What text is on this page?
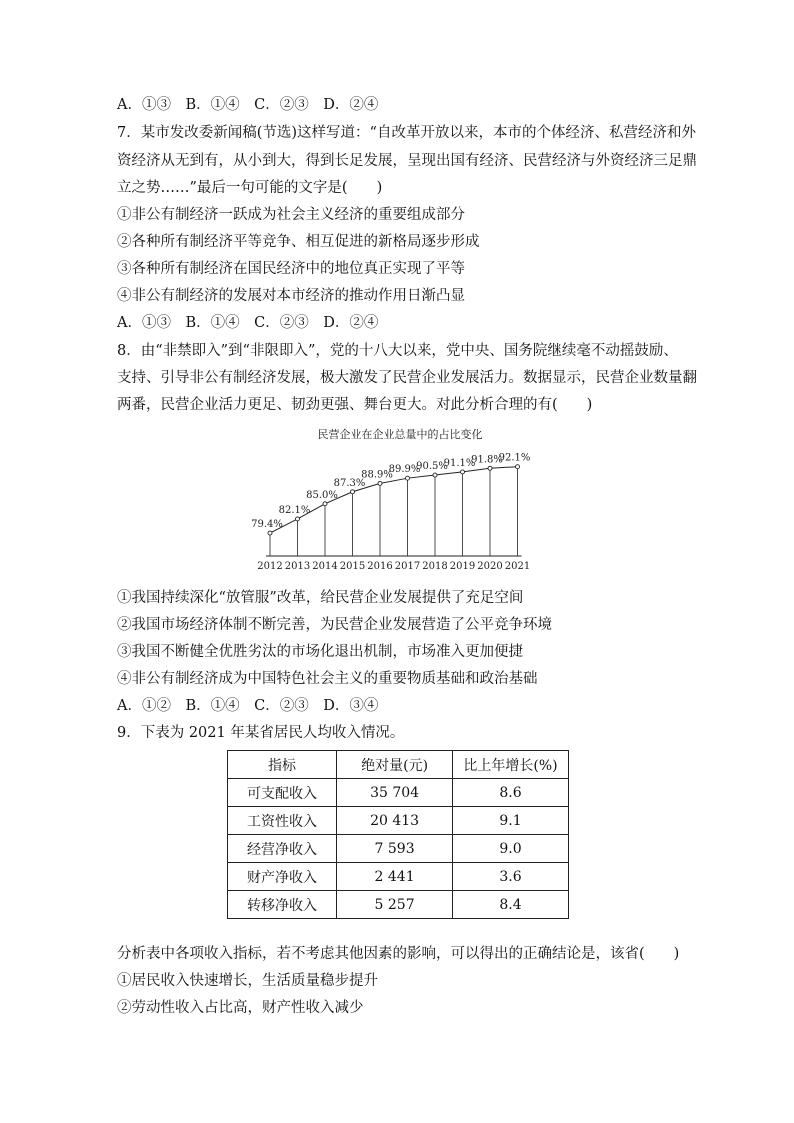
A．①③　B．①④　C．②③　D．②④
7．某市发改委新闻稿(节选)这样写道：“自改革开放以来，本市的个体经济、私营经济和外
资经济从无到有，从小到大，得到长足发展，呈现出国有经济、民营经济与外资经济三足鼎
立之势……”最后一句可能的文字是(　　)
①非公有制经济一跃成为社会主义经济的重要组成部分
②各种所有制经济平等竞争、相互促进的新格局逐步形成
③各种所有制经济在国民经济中的地位真正实现了平等
④非公有制经济的发展对本市经济的推动作用日渐凸显
A．①③　B．①④　C．②③　D．②④
8．由“非禁即入”到“非限即入”，党的十八大以来，党中央、国务院继续毫不动摇鼓励、
支持、引导非公有制经济发展，极大激发了民营企业发展活力。数据显示，民营企业数量翻
两番，民营企业活力更足、韧劲更强、舞台更大。对此分析合理的有(　　)
民营企业在企业总量中的占比变化
79.4%
2012
82.1%
2013
85.0%
2014
87.3%
2015
88.9%
2016
89.9%
2017
90.5%
2018
91.1%
2019
91.8%
2020
92.1%
2021
①我国持续深化“放管服”改革，给民营企业发展提供了充足空间
②我国市场经济体制不断完善，为民营企业发展营造了公平竞争环境
③我国不断健全优胜劣汰的市场化退出机制，市场准入更加便捷
④非公有制经济成为中国特色社会主义的重要物质基础和政治基础
A．①②　B．①④　C．②③　D．③④
9．下表为 2021 年某省居民人均收入情况。
指标	绝对量(元)	比上年增长(%)
可支配收入	35 704	8.6
工资性收入	20 413	9.1
经营净收入	7 593	9.0
财产净收入	2 441	3.6
转移净收入	5 257	8.4
分析表中各项收入指标，若不考虑其他因素的影响，可以得出的正确结论是，该省(　　)
①居民收入快速增长，生活质量稳步提升
②劳动性收入占比高，财产性收入减少
